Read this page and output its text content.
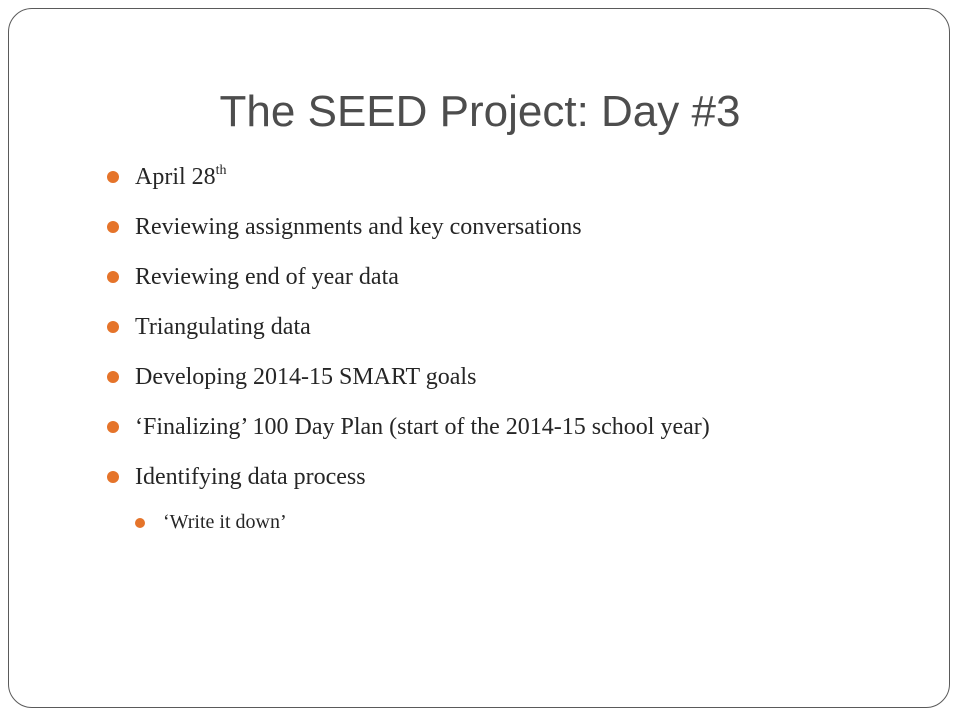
The SEED Project: Day #3
April 28th
Reviewing assignments and key conversations
Reviewing end of year data
Triangulating data
Developing 2014-15 SMART goals
‘Finalizing’ 100 Day Plan (start of the 2014-15 school year)
Identifying data process
‘Write it down’
